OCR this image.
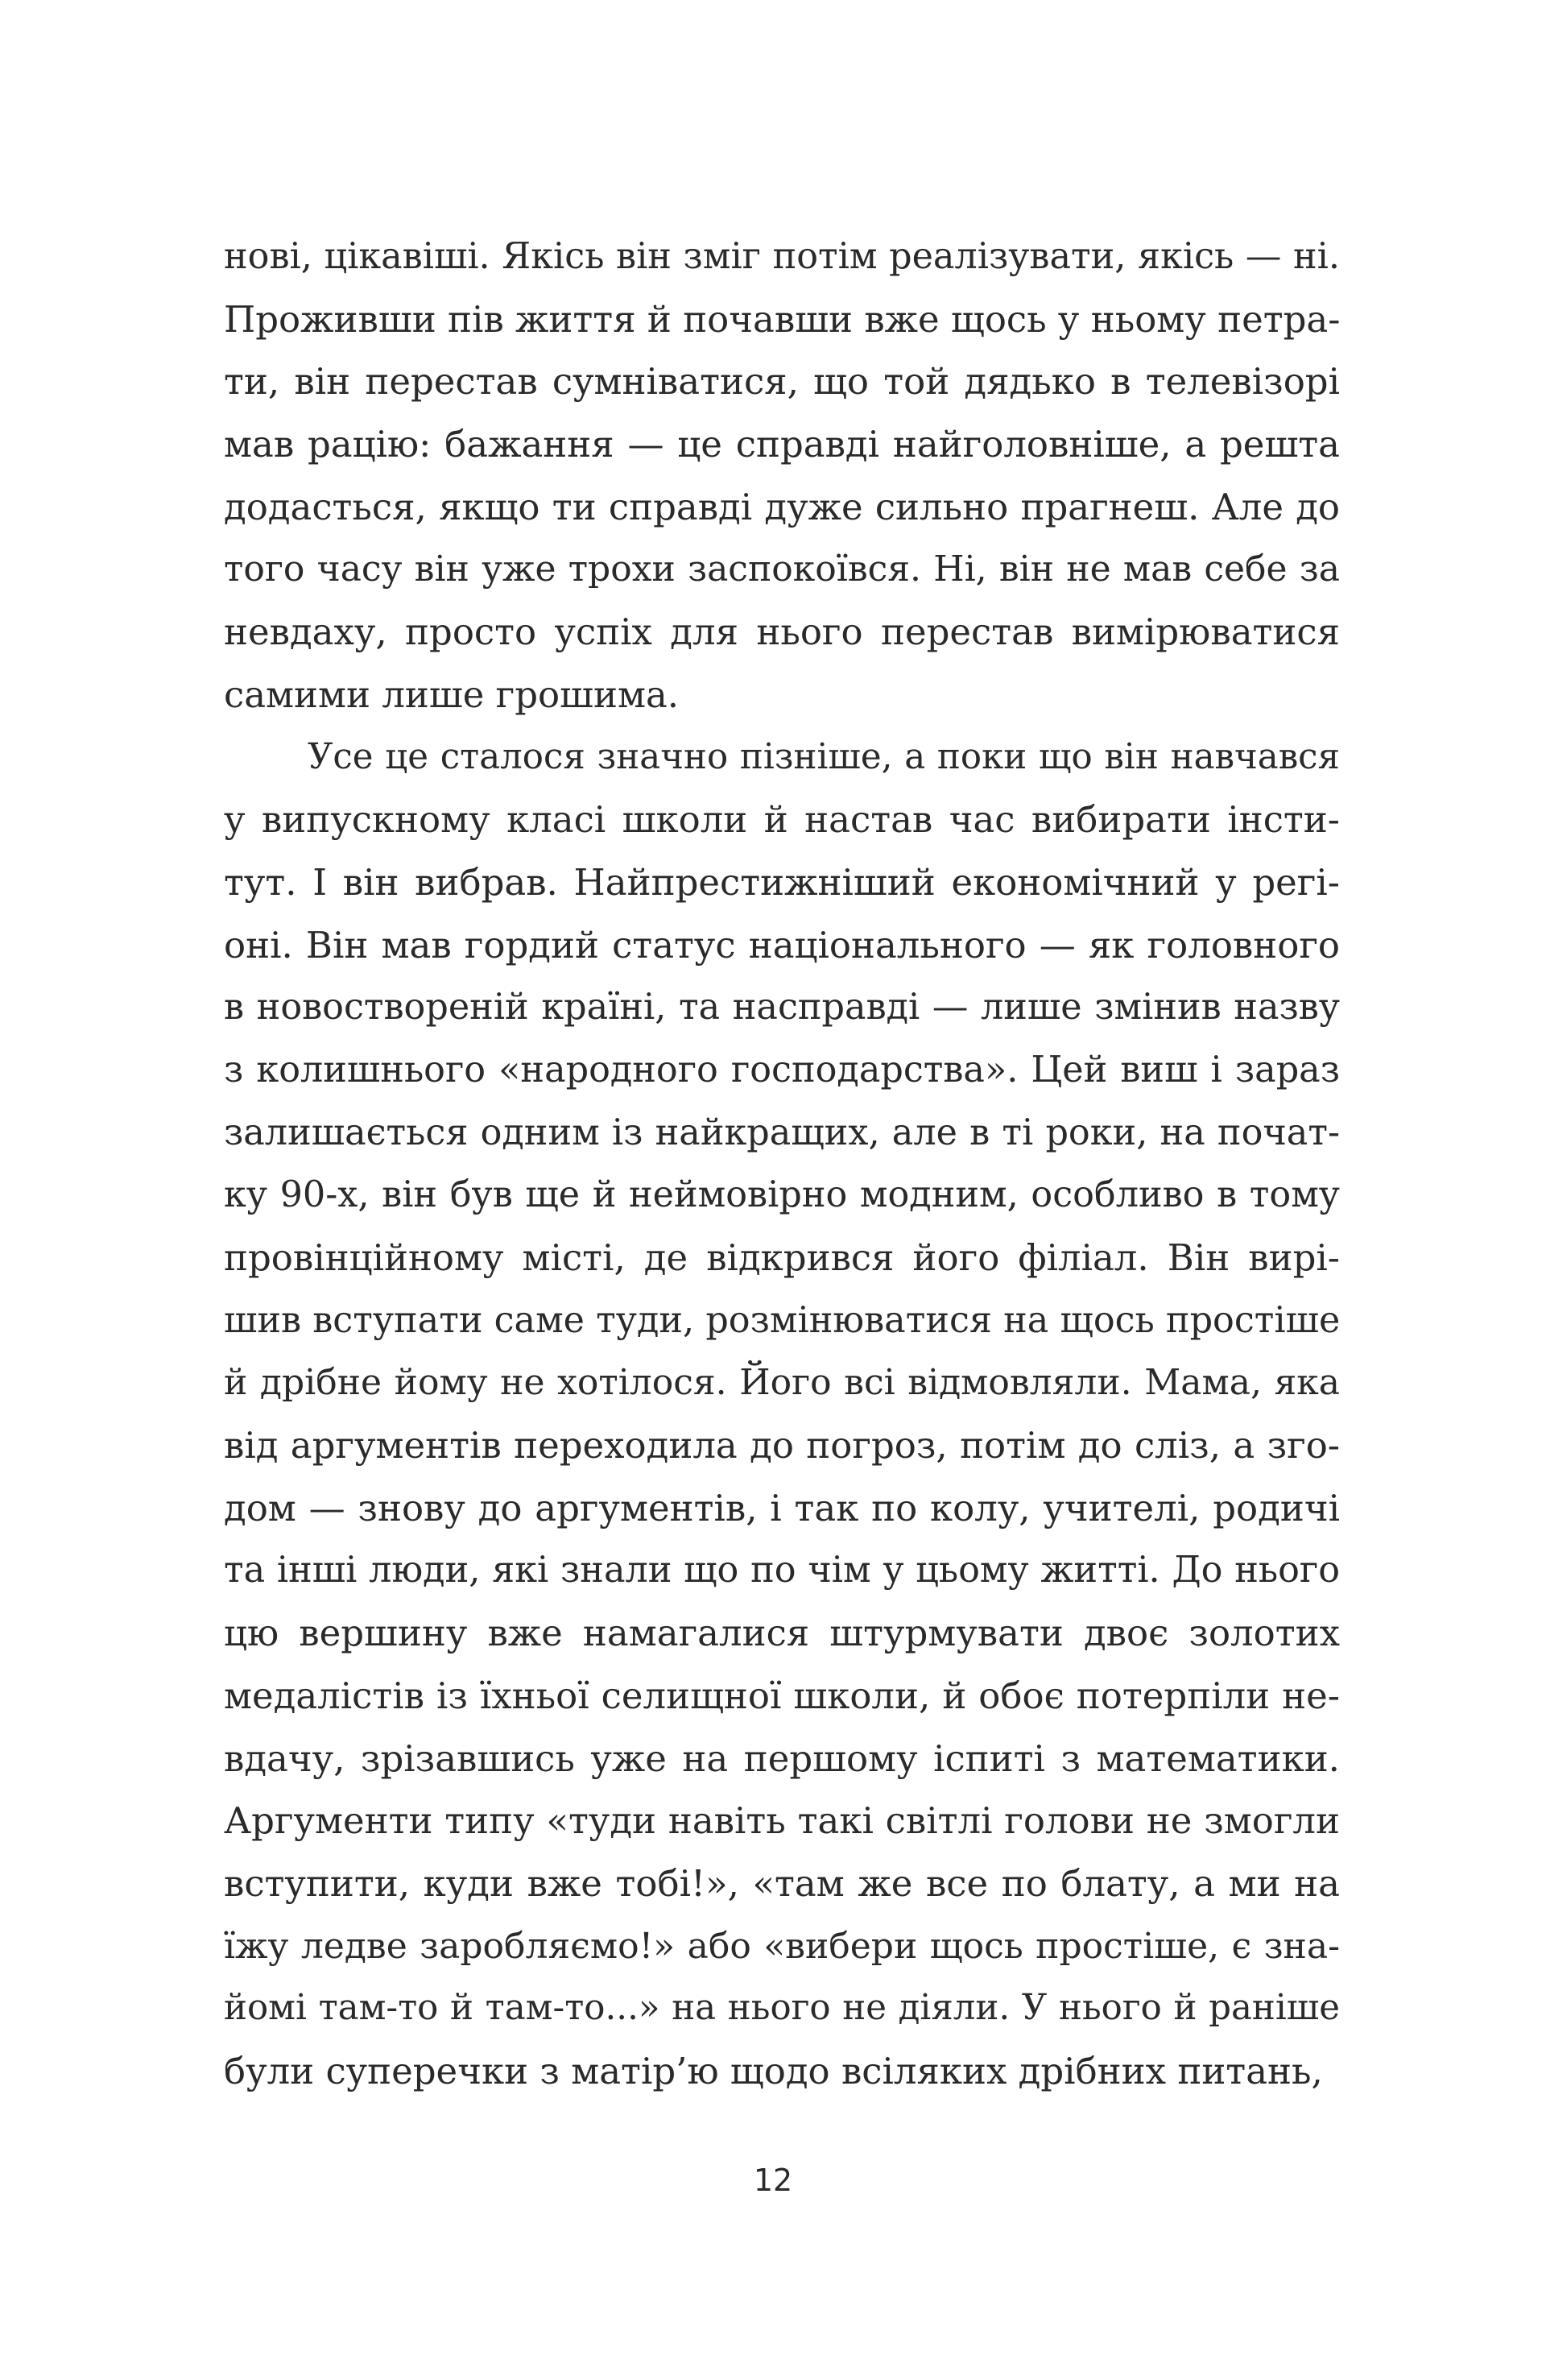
нові, цікавіші. Якісь він зміг потім реалізувати, якісь — ні.
Проживши пів життя й почавши вже щось у ньому петра-
ти, він перестав сумніватися, що той дядько в телевізорі
мав рацію: бажання — це справді найголовніше, а решта
додасться, якщо ти справді дуже сильно прагнеш. Але до
того часу він уже трохи заспокоївся. Ні, він не мав себе за
невдаху, просто успіх для нього перестав вимірюватися
самими лише грошима.
Усе це сталося значно пізніше, а поки що він навчався
у випускному класі школи й настав час вибирати інсти-
тут. І він вибрав. Найпрестижніший економічний у регі-
оні. Він мав гордий статус національного — як головного
в новоствореній країні, та насправді — лише змінив назву
з колишнього «народного господарства». Цей виш і зараз
залишається одним із найкращих, але в ті роки, на почат-
ку 90-х, він був ще й неймовірно модним, особливо в тому
провінційному місті, де відкрився його філіал. Він вирі-
шив вступати саме туди, розмінюватися на щось простіше
й дрібне йому не хотілося. Його всі відмовляли. Мама, яка
від аргументів переходила до погроз, потім до сліз, а зго-
дом — знову до аргументів, і так по колу, учителі, родичі
та інші люди, які знали що по чім у цьому житті. До нього
цю вершину вже намагалися штурмувати двоє золотих
медалістів із їхньої селищної школи, й обоє потерпіли не-
вдачу, зрізавшись уже на першому іспиті з математики.
Аргументи типу «туди навіть такі світлі голови не змогли
вступити, куди вже тобі!», «там же все по блату, а ми на
їжу ледве заробляємо!» або «вибери щось простіше, є зна-
йомі там-то й там-то...» на нього не діяли. У нього й раніше
були суперечки з матір’ю щодо всіляких дрібних питань,
12
